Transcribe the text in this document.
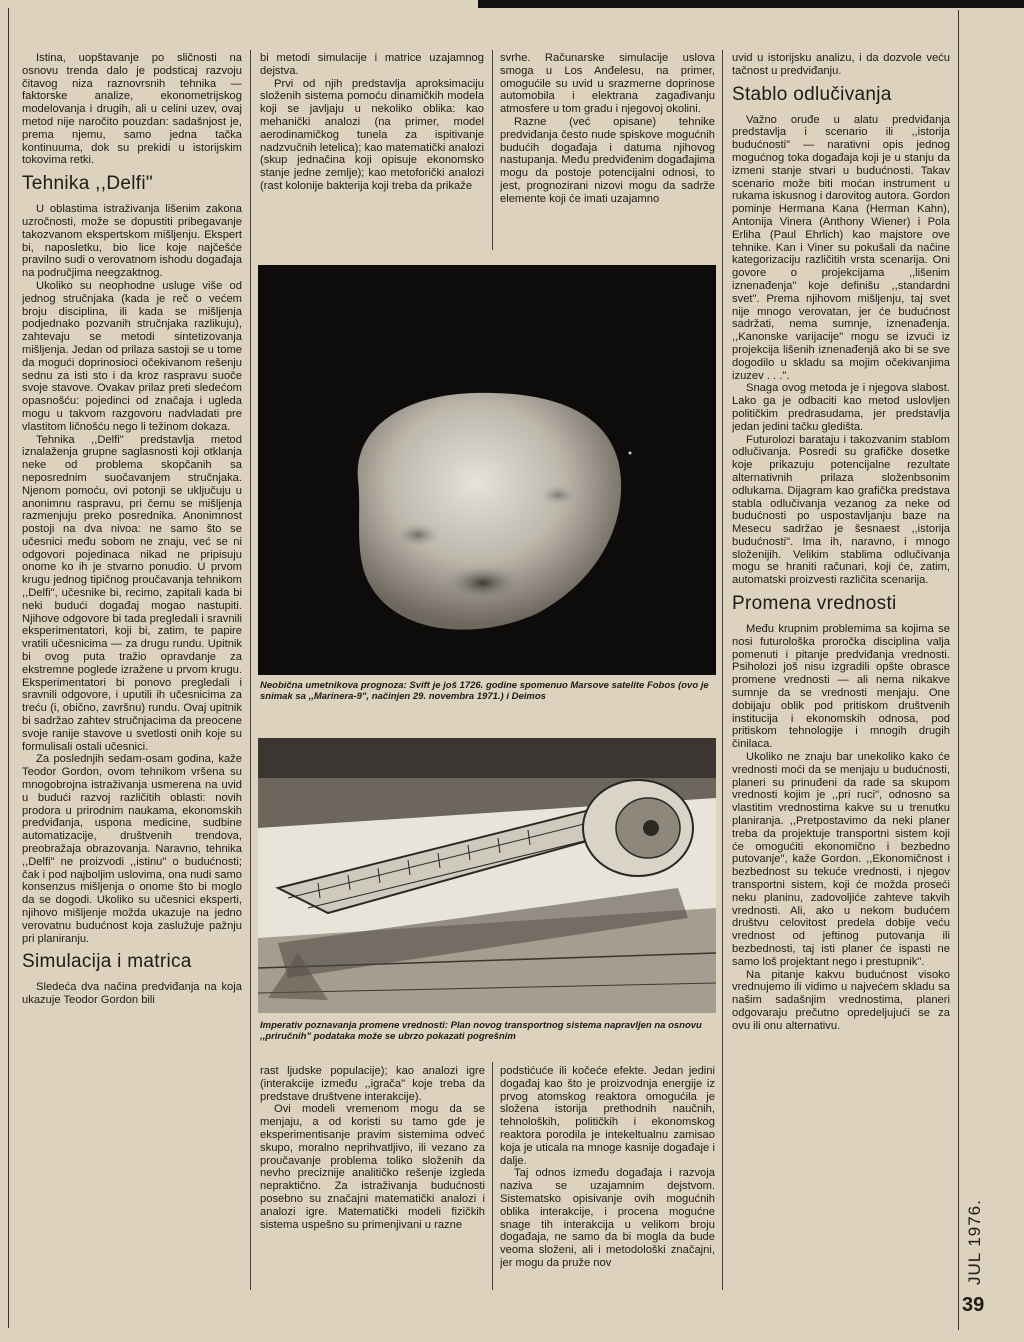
Istina, uopštavanje po sličnosti na osnovu trenda dalo je podsticaj razvoju čitavog niza raznovrsnih tehnika — faktorske analize, ekonometrijskog modelovanja i drugih, ali u celini uzev, ovaj metod nije naročito pouzdan: sadašnjost je, prema njemu, samo jedna tačka kontinuuma, dok su prekidi u istorijskim tokovima retki.

Tehnika ,,Delfi"

U oblastima istraživanja lišenim zakona uzročnosti, može se dopustiti pribegavanje takozvanom ekspertskom mišljenju. Ekspert bi, naposletku, bio lice koje najčešće pravilno sudi o verovatnom ishodu događaja na područjima neegzaktnog.

Ukoliko su neophodne usluge više od jednog stručnjaka (kada je reč o većem broju disciplina, ili kada se mišljenja podjednako pozvanih stručnjaka razlikuju), zahtevaju se metodi sintetizovanja mišljenja. Jedan od prilaza sastoji se u tome da mogući doprinosioci očekivanom rešenju sednu za isti sto i da kroz raspravu suoče svoje stavove. Ovakav prilaz preti sledećom opasnošću: pojedinci od značaja i ugleda mogu u takvom razgovoru nadvladati pre vlastitom ličnošću nego li težinom dokaza.

Tehnika ,,Delfi" predstavlja metod iznalaženja grupne saglasnosti koji otklanja neke od problema skopčanih sa neposrednim suočavanjem stručnjaka. Njenom pomoću, ovi potonji se uključuju u anonimnu raspravu, pri čemu se mišljenja razmenjuju preko posrednika. Anonimnost postoji na dva nivoa: ne samo što se učesnici među sobom ne znaju, već se ni odgovori pojedinaca nikad ne pripisuju onome ko ih je stvarno ponudio. U prvom krugu jednog tipičnog proučavanja tehnikom ,,Delfi", učesnike bi, recimo, zapitali kada bi neki budući događaj mogao nastupiti. Njihove odgovore bi tada pregledali i sravnili eksperimentatori, koji bi, zatim, te papire vratili učesnicima — za drugu rundu. Upitnik bi ovog puta tražio opravdanje za ekstremne poglede izražene u prvom krugu. Eksperimentatori bi ponovo pregledali i sravnili odgovore, i uputili ih učesnicima za treću (i, obično, završnu) rundu. Ovaj upitnik bi sadržao zahtev stručnjacima da preocene svoje ranije stavove u svetlosti onih koje su formulisali ostali učesnici.

Za poslednjih sedam-osam godina, kaže Teodor Gordon, ovom tehnikom vršena su mnogobrojna istraživanja usmerena na uvid u budući razvoj različitih oblasti: novih prodora u prirodnim naukama, ekonomskih predviđanja, uspona medicine, sudbine automatizacije, društvenih trendova, preobražaja obrazovanja. Naravno, tehnika ,,Delfi" ne proizvodi ,,istinu" o budućnosti; čak i pod najboljim uslovima, ona nudi samo konsenzus mišljenja o onome što bi moglo da se dogodi. Ukoliko su učesnici eksperti, njihovo mišljenje možda ukazuje na jedno verovatnu budućnost koja zaslužuje pažnju pri planiranju.

Simulacija i matrica

Sledeća dva načina predviđanja na koja ukazuje Teodor Gordon bili

bi metodi simulacije i matrice uzajamnog dejstva.

Prvi od njih predstavlja aproksimaciju složenih sistema pomoću dinamičkih modela koji se javljaju u nekoliko oblika: kao mehanički analozi (na primer, model aerodinamičkog tunela za ispitivanje nadzvučnih letelica); kao matematički analozi (skup jednačina koji opisuje ekonomsko stanje jedne zemlje); kao metoforički analozi (rast kolonije bakterija koji treba da prikaže

svrhe. Računarske simulacije uslova smoga u Los Anđelesu, na primer, omogućile su uvid u srazmerne doprinose automobila i elektrana zagađivanju atmosfere u tom gradu i njegovoj okolini.

Razne (već opisane) tehnike predviđanja često nude spiskove mogućnih budućih događaja i datuma njihovog nastupanja. Među predviđenim događajima mogu da postoje potencijalni odnosi, to jest, prognozirani nizovi mogu da sadrže elemente koji će imati uzajamno

uvid u istorijsku analizu, i da dozvole veću tačnost u predviđanju.

Stablo odlučivanja

Važno oruđe u alatu predviđanja predstavlja i scenario ili ,,istorija budućnosti" — narativni opis jednog mogućnog toka događaja koji je u stanju da izmeni stanje stvari u budućnosti. Takav scenario može biti moćan instrument u rukama iskusnog i darovitog autora. Gordon pominje Hermana Kana (Herman Kahn), Antonija Vinera (Anthony Wiener) i Pola Erliha (Paul Ehrlich) kao majstore ove tehnike. Kan i Viner su pokušali da načine kategorizaciju različitih vrsta scenarija. Oni govore o projekcijama ,,lišenim iznenađenja" koje definišu ,,standardni svet". Prema njihovom mišljenju, taj svet nije mnogo verovatan, jer će budućnost sadržati, nema sumnje, iznenađenja. ,,Kanonske varijacije" mogu se izvući iz projekcija lišenih iznenađenjā ako bi se sve dogodilo u skladu sa mojim očekivanjima izuzev . . .".

Snaga ovog metoda je i njegova slabost. Lako ga je odbaciti kao metod uslovljen političkim predrasudama, jer predstavlja jedan jedini tačku gledišta.

Futurolozi barataju i takozvanim stablom odlučivanja. Posredi su grafičke dosetke koje prikazuju potencijalne rezultate alternativnih prilaza složenbsonim odlukama. Dijagram kao grafička predstava stabla odlučivanja vezanog za neke od budućnosti po uspostavljanju baze na Mesecu sadržao je šesnaest ,,istorija budućnosti". Ima ih, naravno, i mnogo složenijih. Velikim stablima odlučivanja mogu se hraniti računari, koji će, zatim, automatski proizvesti različita scenarija.

Promena vrednosti

Među krupnim problemima sa kojima se nosi futurološka proročka disciplina valja pomenuti i pitanje predviđanja vrednosti. Psiholozi još nisu izgradili opšte obrasce promene vrednosti — ali nema nikakve sumnje da se vrednosti menjaju. One dobijaju oblik pod pritiskom društvenih institucija i ekonomskih odnosa, pod pritiskom tehnologije i mnogih drugih činilaca.

Ukoliko ne znaju bar unekoliko kako će vrednosti moći da se menjaju u budućnosti, planeri su prinuđeni da rade sa skupom vrednosti kojim je ,,pri ruci", odnosno sa vlastitim vrednostima kakve su u trenutku planiranja. ,,Pretpostavimo da neki planer treba da projektuje transportni sistem koji će omogućiti ekonomično i bezbedno putovanje", kaže Gordon. ,,Ekonomičnost i bezbednost su tekuće vrednosti, i njegov transportni sistem, koji će možda proseći neku planinu, zadovoljiće zahteve takvih vrednosti. Ali, ako u nekom budućem društvu celovitost predela dobije veću vrednost od jeftinog putovanja ili bezbednosti, taj isti planer će ispasti ne samo loš projektant nego i prestupnik".

Na pitanje kakvu budućnost visoko vrednujemo ili vidimo u najvećem skladu sa našim sadašnjim vrednostima, planeri odgovaraju prečutno opredeljujući se za ovu ili onu alternativu.

Neobična umetnikova prognoza: Svift je još 1726. godine spomenuo Marsove satelite Fobos (ovo je snimak sa ,,Marinera-9", načinjen 29. novembra 1971.) i Deimos
Imperativ poznavanja promene vrednosti: Plan novog transportnog sistema napravljen na osnovu ,,priručnih" podataka može se ubrzo pokazati pogrešnim

rast ljudske populacije); kao analozi igre (interakcije između ,,igrača" koje treba da predstave društvene interakcije).

Ovi modeli vremenom mogu da se menjaju, a od koristi su tamo gde je eksperimentisanje pravim sistemima odveć skupo, moralno neprihvatljivo, ili vezano za proučavanje problema toliko složenih da nevho preciznije analitičko rešenje izgleda nepraktično. Za istraživanja budućnosti posebno su značajni matematički analozi i analozi igre. Matematički modeli fizičkih sistema uspešno su primenjivani u razne

podstićuće ili kočeće efekte. Jedan jedini događaj kao što je proizvodnja energije iz prvog atomskog reaktora omogućila je složena istorija prethodnih naučnih, tehnoloških, političkih i ekonomskog reaktora porodila je intekeltualnu zamisao koja je uticala na mnoge kasnije događaje i dalje.

Taj odnos između događaja i razvoja naziva se uzajamnim dejstvom. Sistematsko opisivanje ovih mogućnih oblika interakcije, i procena mogućne snage tih interakcija u velikom broju događaja, ne samo da bi mogla da bude veoma složeni, ali i metodološki značajni, jer mogu da pruže nov	JUL 1976.
39
